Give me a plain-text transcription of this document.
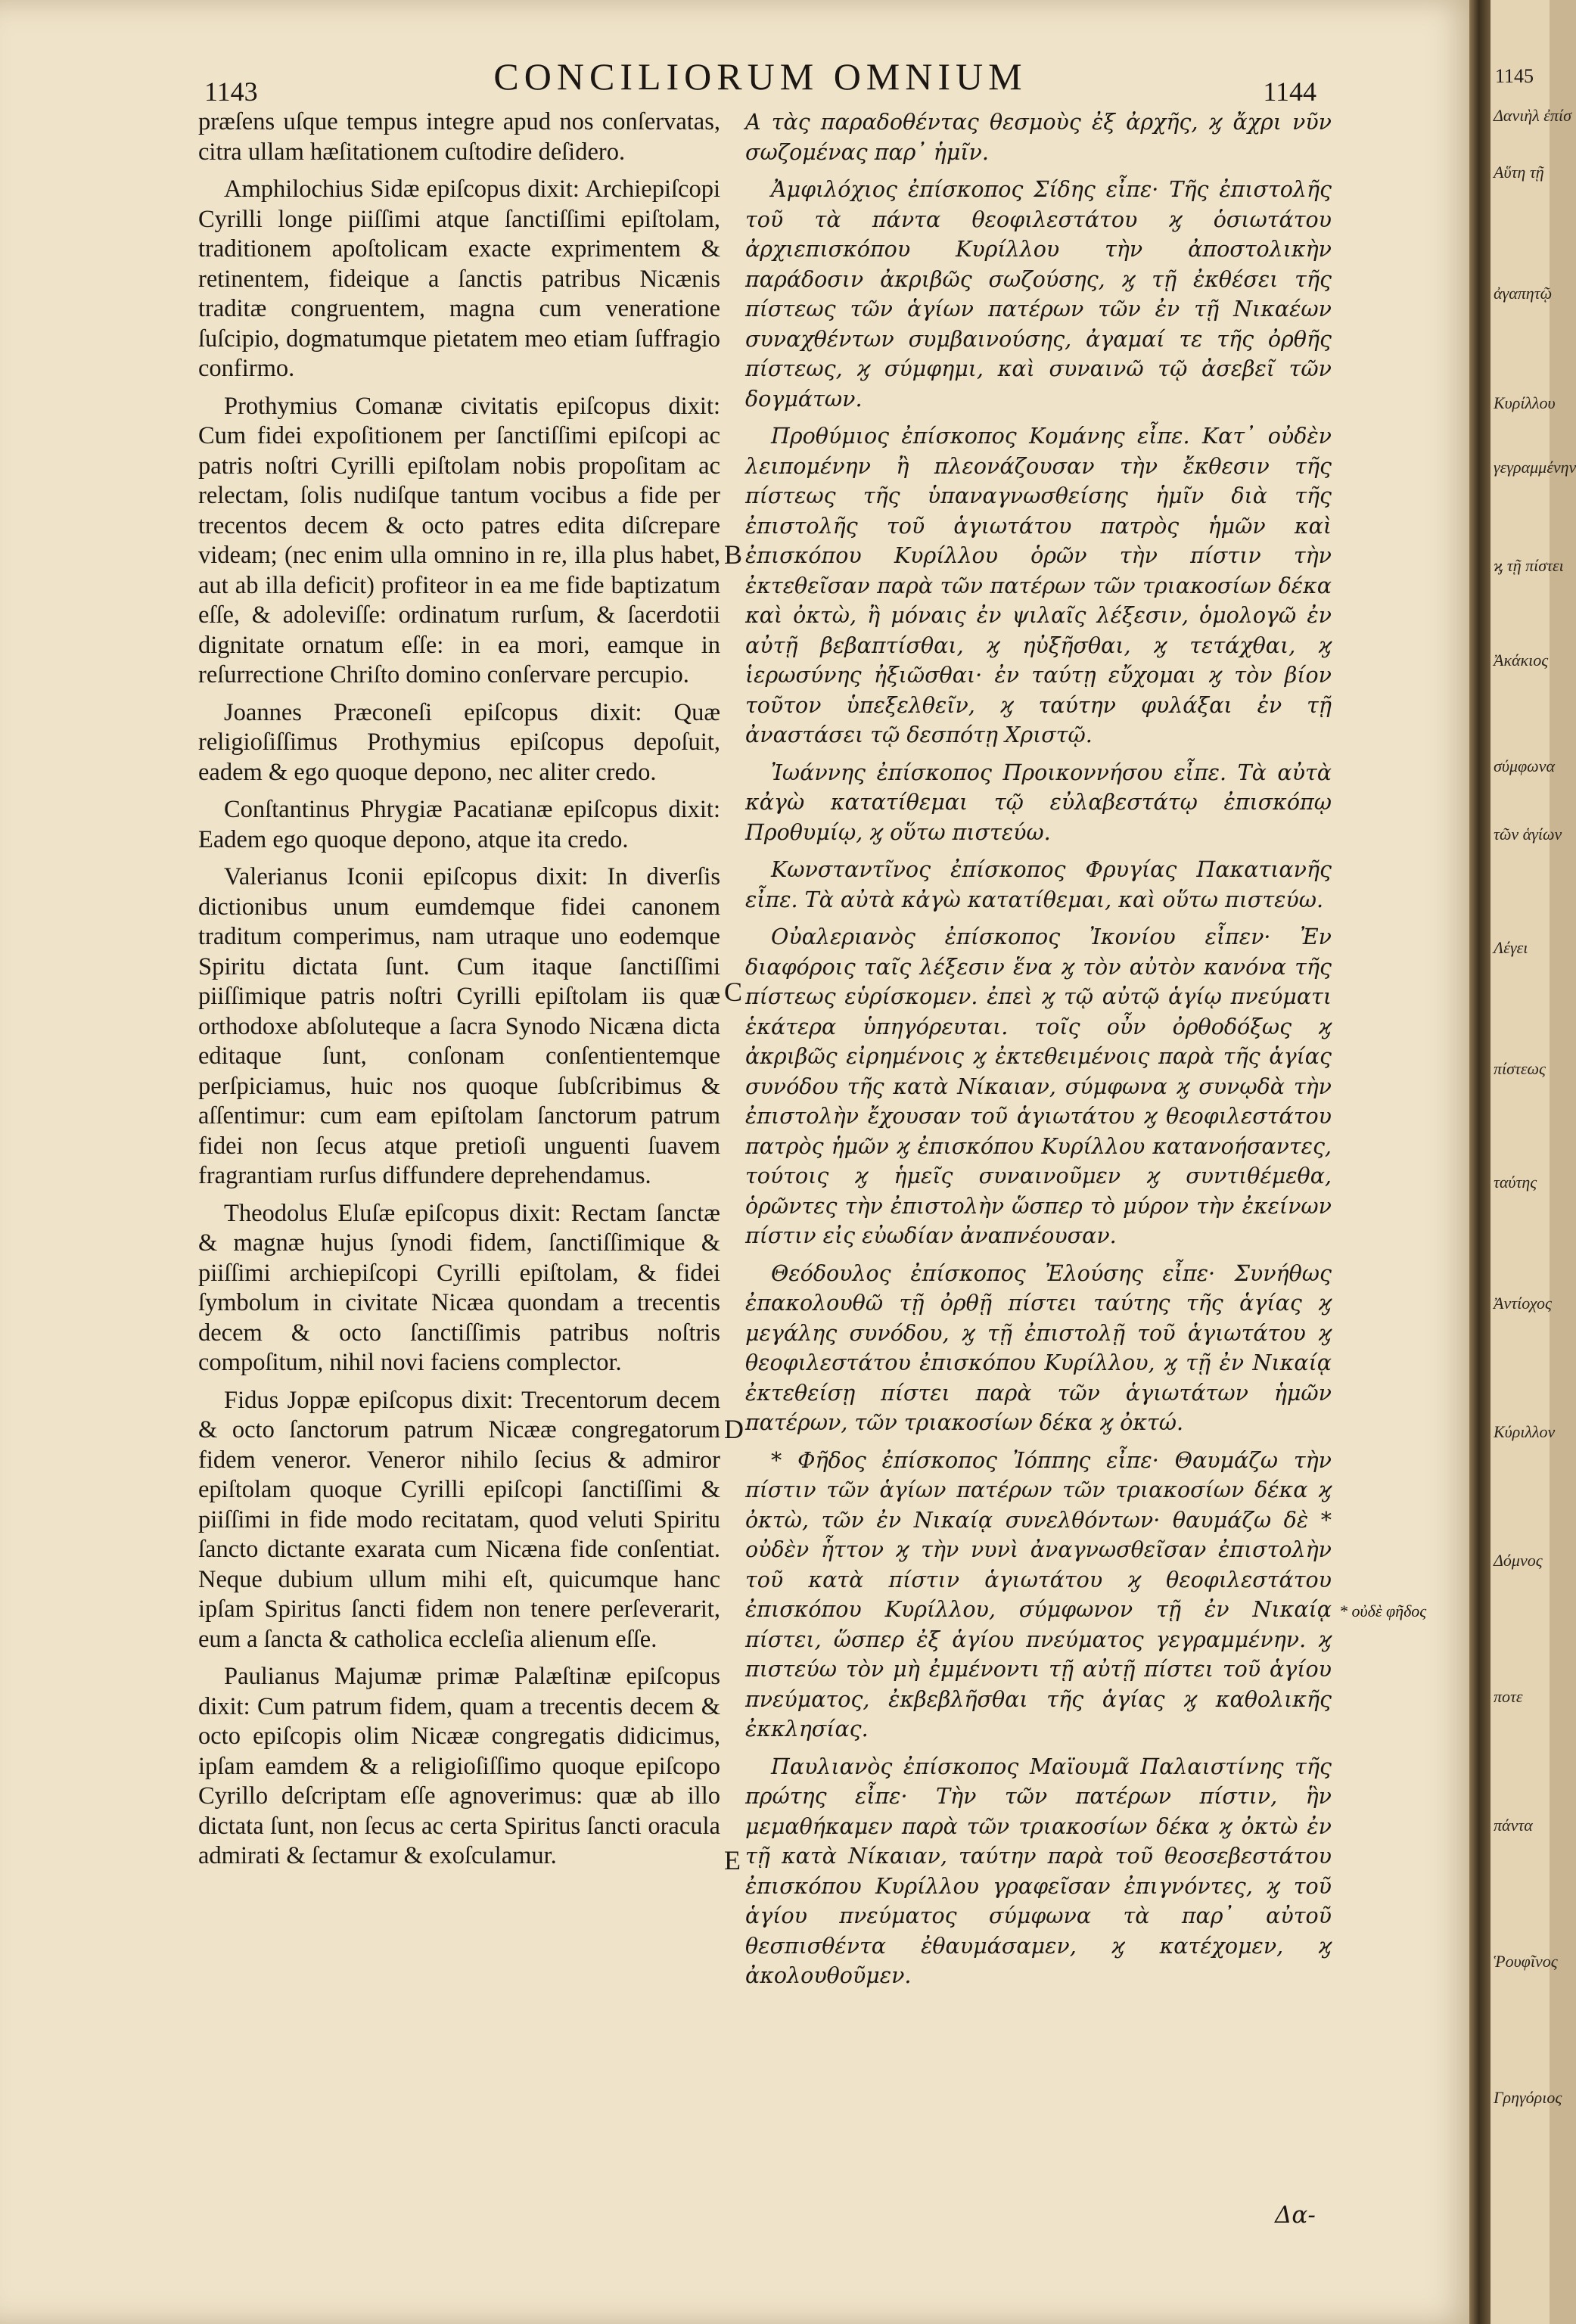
1143	CONCILIORUM OMNIUM	1144

præſens uſque tempus integre apud nos conſervatas, citra ullam hæſitationem cuſtodire deſidero.

Amphilochius Sidæ epiſcopus dixit: Archiepiſcopi Cyrilli longe piiſſimi atque ſanctiſſimi epiſtolam, traditionem apoſtolicam exacte exprimentem & retinentem, fideique a ſanctis patribus Nicænis traditæ congruentem, magna cum veneratione ſuſcipio, dogmatumque pietatem meo etiam ſuffragio confirmo.

Prothymius Comanæ civitatis epiſcopus dixit: Cum fidei expoſitionem per ſanctiſſimi epiſcopi ac patris noſtri Cyrilli epiſtolam nobis propoſitam ac relectam, ſolis nudiſque tantum vocibus a fide per trecentos decem & octo patres edita diſcrepare videam; (nec enim ulla omnino in re, illa plus habet, aut ab illa deficit) profiteor in ea me fide baptizatum eſſe, & adoleviſſe: ordinatum rurſum, & ſacerdotii dignitate ornatum eſſe: in ea mori, eamque in reſurrectione Chriſto domino conſervare percupio.

Joannes Præconeſi epiſcopus dixit: Quæ religioſiſſimus Prothymius epiſcopus depoſuit, eadem & ego quoque depono, nec aliter credo.

Conſtantinus Phrygiæ Pacatianæ epiſcopus dixit: Eadem ego quoque depono, atque ita credo.

Valerianus Iconii epiſcopus dixit: In diverſis dictionibus unum eumdemque fidei canonem traditum comperimus, nam utraque uno eodemque Spiritu dictata ſunt. Cum itaque ſanctiſſimi piiſſimique patris noſtri Cyrilli epiſtolam iis quæ orthodoxe abſoluteque a ſacra Synodo Nicæna dicta editaque ſunt, conſonam conſentientemque perſpiciamus, huic nos quoque ſubſcribimus & aſſentimur: cum eam epiſtolam ſanctorum patrum fidei non ſecus atque pretioſi unguenti ſuavem fragrantiam rurſus diffundere deprehendamus.

Theodolus Eluſæ epiſcopus dixit: Rectam ſanctæ & magnæ hujus ſynodi fidem, ſanctiſſimique & piiſſimi archiepiſcopi Cyrilli epiſtolam, & fidei ſymbolum in civitate Nicæa quondam a trecentis decem & octo ſanctiſſimis patribus noſtris compoſitum, nihil novi faciens complector.

Fidus Joppæ epiſcopus dixit: Trecentorum decem & octo ſanctorum patrum Nicææ congregatorum fidem veneror. Veneror nihilo ſecius & admiror epiſtolam quoque Cyrilli epiſcopi ſanctiſſimi & piiſſimi in fide modo recitatam, quod veluti Spiritu ſancto dictante exarata cum Nicæna fide conſentiat. Neque dubium ullum mihi eſt, quicumque hanc ipſam Spiritus ſancti fidem non tenere perſeverarit, eum a ſancta & catholica eccleſia alienum eſſe.

Paulianus Majumæ primæ Palæſtinæ epiſcopus dixit: Cum patrum fidem, quam a trecentis decem & octo epiſcopis olim Nicææ congregatis didicimus, ipſam eamdem & a religioſiſſimo quoque epiſcopo Cyrillo deſcriptam eſſe agnoverimus: quæ ab illo dictata ſunt, non ſecus ac certa Spiritus ſancti oracula admirati & ſectamur & exoſculamur.

B
C
D
E

A τὰς παραδοθέντας θεσμοὺς ἐξ ἀρχῆς, ϗ ἄχρι νῦν σωζομένας παρ᾽ ἡμῖν.

Ἀμφιλόχιος ἐπίσκοπος Σίδης εἶπε· Τῆς ἐπιστολῆς τοῦ τὰ πάντα θεοφιλεστάτου ϗ ὁσιωτάτου ἀρχιεπισκόπου Κυρίλλου τὴν ἀποστολικὴν παράδοσιν ἀκριβῶς σωζούσης, ϗ τῇ ἐκθέσει τῆς πίστεως τῶν ἁγίων πατέρων τῶν ἐν τῇ Νικαέων συναχθέντων συμβαινούσης, ἀγαμαί τε τῆς ὀρθῆς πίστεως, ϗ σύμφημι, καὶ συναινῶ τῷ ἀσεβεῖ τῶν δογμάτων.

Προθύμιος ἐπίσκοπος Κομάνης εἶπε. Κατ᾽ οὐδὲν λειπομένην ἢ πλεονάζουσαν τὴν ἔκθεσιν τῆς πίστεως τῆς ὑπαναγνωσθείσης ἡμῖν διὰ τῆς ἐπιστολῆς τοῦ ἁγιωτάτου πατρὸς ἡμῶν καὶ ἐπισκόπου Κυρίλλου ὁρῶν τὴν πίστιν τὴν ἐκτεθεῖσαν παρὰ τῶν πατέρων τῶν τριακοσίων δέκα καὶ ὀκτὼ, ἢ μόναις ἐν ψιλαῖς λέξεσιν, ὁμολογῶ ἐν αὐτῇ βεβαπτίσθαι, ϗ ηὐξῆσθαι, ϗ τετάχθαι, ϗ ἱερωσύνης ἠξιῶσθαι· ἐν ταύτῃ εὔχομαι ϗ τὸν βίον τοῦτον ὑπεξελθεῖν, ϗ ταύτην φυλάξαι ἐν τῇ ἀναστάσει τῷ δεσπότῃ Χριστῷ.

Ἰωάννης ἐπίσκοπος Προικοννήσου εἶπε. Τὰ αὐτὰ κἀγὼ κατατίθεμαι τῷ εὐλαβεστάτῳ ἐπισκόπῳ Προθυμίῳ, ϗ οὕτω πιστεύω.

Κωνσταντῖνος ἐπίσκοπος Φρυγίας Πακατιανῆς εἶπε. Τὰ αὐτὰ κἀγὼ κατατίθεμαι, καὶ οὕτω πιστεύω.

Οὐαλεριανὸς ἐπίσκοπος Ἰκονίου εἶπεν· Ἐν διαφόροις ταῖς λέξεσιν ἕνα ϗ τὸν αὐτὸν κανόνα τῆς πίστεως εὑρίσκομεν. ἐπεὶ ϗ τῷ αὐτῷ ἁγίῳ πνεύματι ἑκάτερα ὑπηγόρευται. τοῖς οὖν ὀρθοδόξως ϗ ἀκριβῶς εἰρημένοις ϗ ἐκτεθειμένοις παρὰ τῆς ἁγίας συνόδου τῆς κατὰ Νίκαιαν, σύμφωνα ϗ συνῳδὰ τὴν ἐπιστολὴν ἔχουσαν τοῦ ἁγιωτάτου ϗ θεοφιλεστάτου πατρὸς ἡμῶν ϗ ἐπισκόπου Κυρίλλου κατανοήσαντες, τούτοις ϗ ἡμεῖς συναινοῦμεν ϗ συντιθέμεθα, ὁρῶντες τὴν ἐπιστολὴν ὥσπερ τὸ μύρον τὴν ἐκείνων πίστιν εἰς εὐωδίαν ἀναπνέουσαν.

Θεόδουλος ἐπίσκοπος Ἐλούσης εἶπε· Συνήθως ἐπακολουθῶ τῇ ὀρθῇ πίστει ταύτης τῆς ἁγίας ϗ μεγάλης συνόδου, ϗ τῇ ἐπιστολῇ τοῦ ἁγιωτάτου ϗ θεοφιλεστάτου ἐπισκόπου Κυρίλλου, ϗ τῇ ἐν Νικαίᾳ ἐκτεθείσῃ πίστει παρὰ τῶν ἁγιωτάτων ἡμῶν πατέρων, τῶν τριακοσίων δέκα ϗ ὀκτώ.

* Φῆδος ἐπίσκοπος Ἰόππης εἶπε· Θαυμάζω τὴν πίστιν τῶν ἁγίων πατέρων τῶν τριακοσίων δέκα ϗ ὀκτὼ, τῶν ἐν Νικαίᾳ συνελθόντων· θαυμάζω δὲ * οὐδὲν ἧττον ϗ τὴν νυνὶ ἀναγνωσθεῖσαν ἐπιστολὴν τοῦ κατὰ πίστιν ἁγιωτάτου ϗ θεοφιλεστάτου ἐπισκόπου Κυρίλλου, σύμφωνον τῇ ἐν Νικαίᾳ πίστει, ὥσπερ ἐξ ἁγίου πνεύματος γεγραμμένην. ϗ πιστεύω τὸν μὴ ἐμμένοντι τῇ αὐτῇ πίστει τοῦ ἁγίου πνεύματος, ἐκβεβλῆσθαι τῆς ἁγίας ϗ καθολικῆς ἐκκλησίας.

Παυλιανὸς ἐπίσκοπος Μαϊουμᾶ Παλαιστίνης τῆς πρώτης εἶπε· Τὴν τῶν πατέρων πίστιν, ἣν μεμαθήκαμεν παρὰ τῶν τριακοσίων δέκα ϗ ὀκτὼ ἐν τῇ κατὰ Νίκαιαν, ταύτην παρὰ τοῦ θεοσεβεστάτου ἐπισκόπου Κυρίλλου γραφεῖσαν ἐπιγνόντες, ϗ τοῦ ἁγίου πνεύματος σύμφωνα τὰ παρ᾽ αὐτοῦ θεσπισθέντα ἐθαυμάσαμεν, ϗ κατέχομεν, ϗ ἀκολουθοῦμεν.

* οὐδὲ φῆδος
Δα-
1145
Δανιὴλ ἐπίσ
Αὕτη τῇ
ἀγαπητῷ
Κυρίλλου
γεγραμμένην
ϗ τῇ πίστει
Ἀκάκιος
σύμφωνα
τῶν ἁγίων
Λέγει
πίστεως
ταύτης
Ἀντίοχος
Κύριλλον
Δόμνος
ποτε
πάντα
Ῥουφῖνος
Γρηγόριος
